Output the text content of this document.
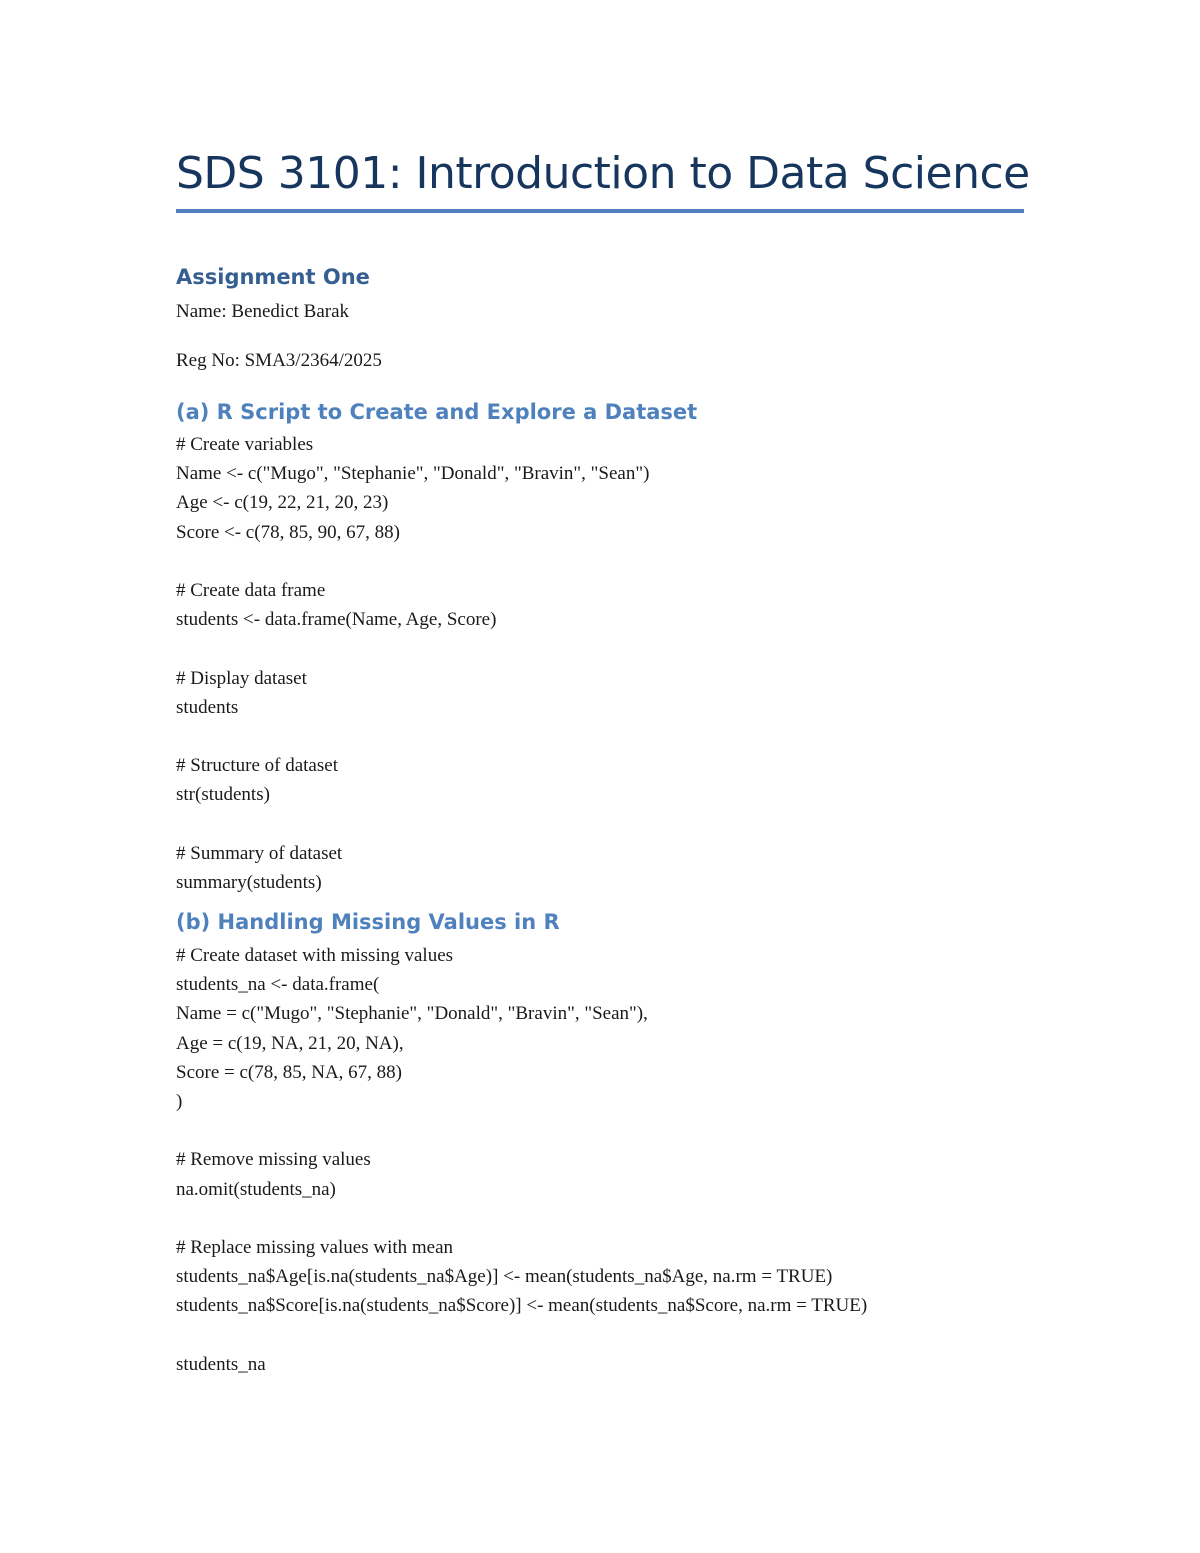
SDS 3101: Introduction to Data Science
Assignment One
Name: Benedict Barak
Reg No: SMA3/2364/2025
(a) R Script to Create and Explore a Dataset
# Create variables
Name <- c("Mugo", "Stephanie", "Donald", "Bravin", "Sean")
Age <- c(19, 22, 21, 20, 23)
Score <- c(78, 85, 90, 67, 88)
# Create data frame
students <- data.frame(Name, Age, Score)
# Display dataset
students
# Structure of dataset
str(students)
# Summary of dataset
summary(students)
(b) Handling Missing Values in R
# Create dataset with missing values
students_na <- data.frame(
Name = c("Mugo", "Stephanie", "Donald", "Bravin", "Sean"),
Age = c(19, NA, 21, 20, NA),
Score = c(78, 85, NA, 67, 88)
)
# Remove missing values
na.omit(students_na)
# Replace missing values with mean
students_na$Age[is.na(students_na$Age)] <- mean(students_na$Age, na.rm = TRUE)
students_na$Score[is.na(students_na$Score)] <- mean(students_na$Score, na.rm = TRUE)
students_na
